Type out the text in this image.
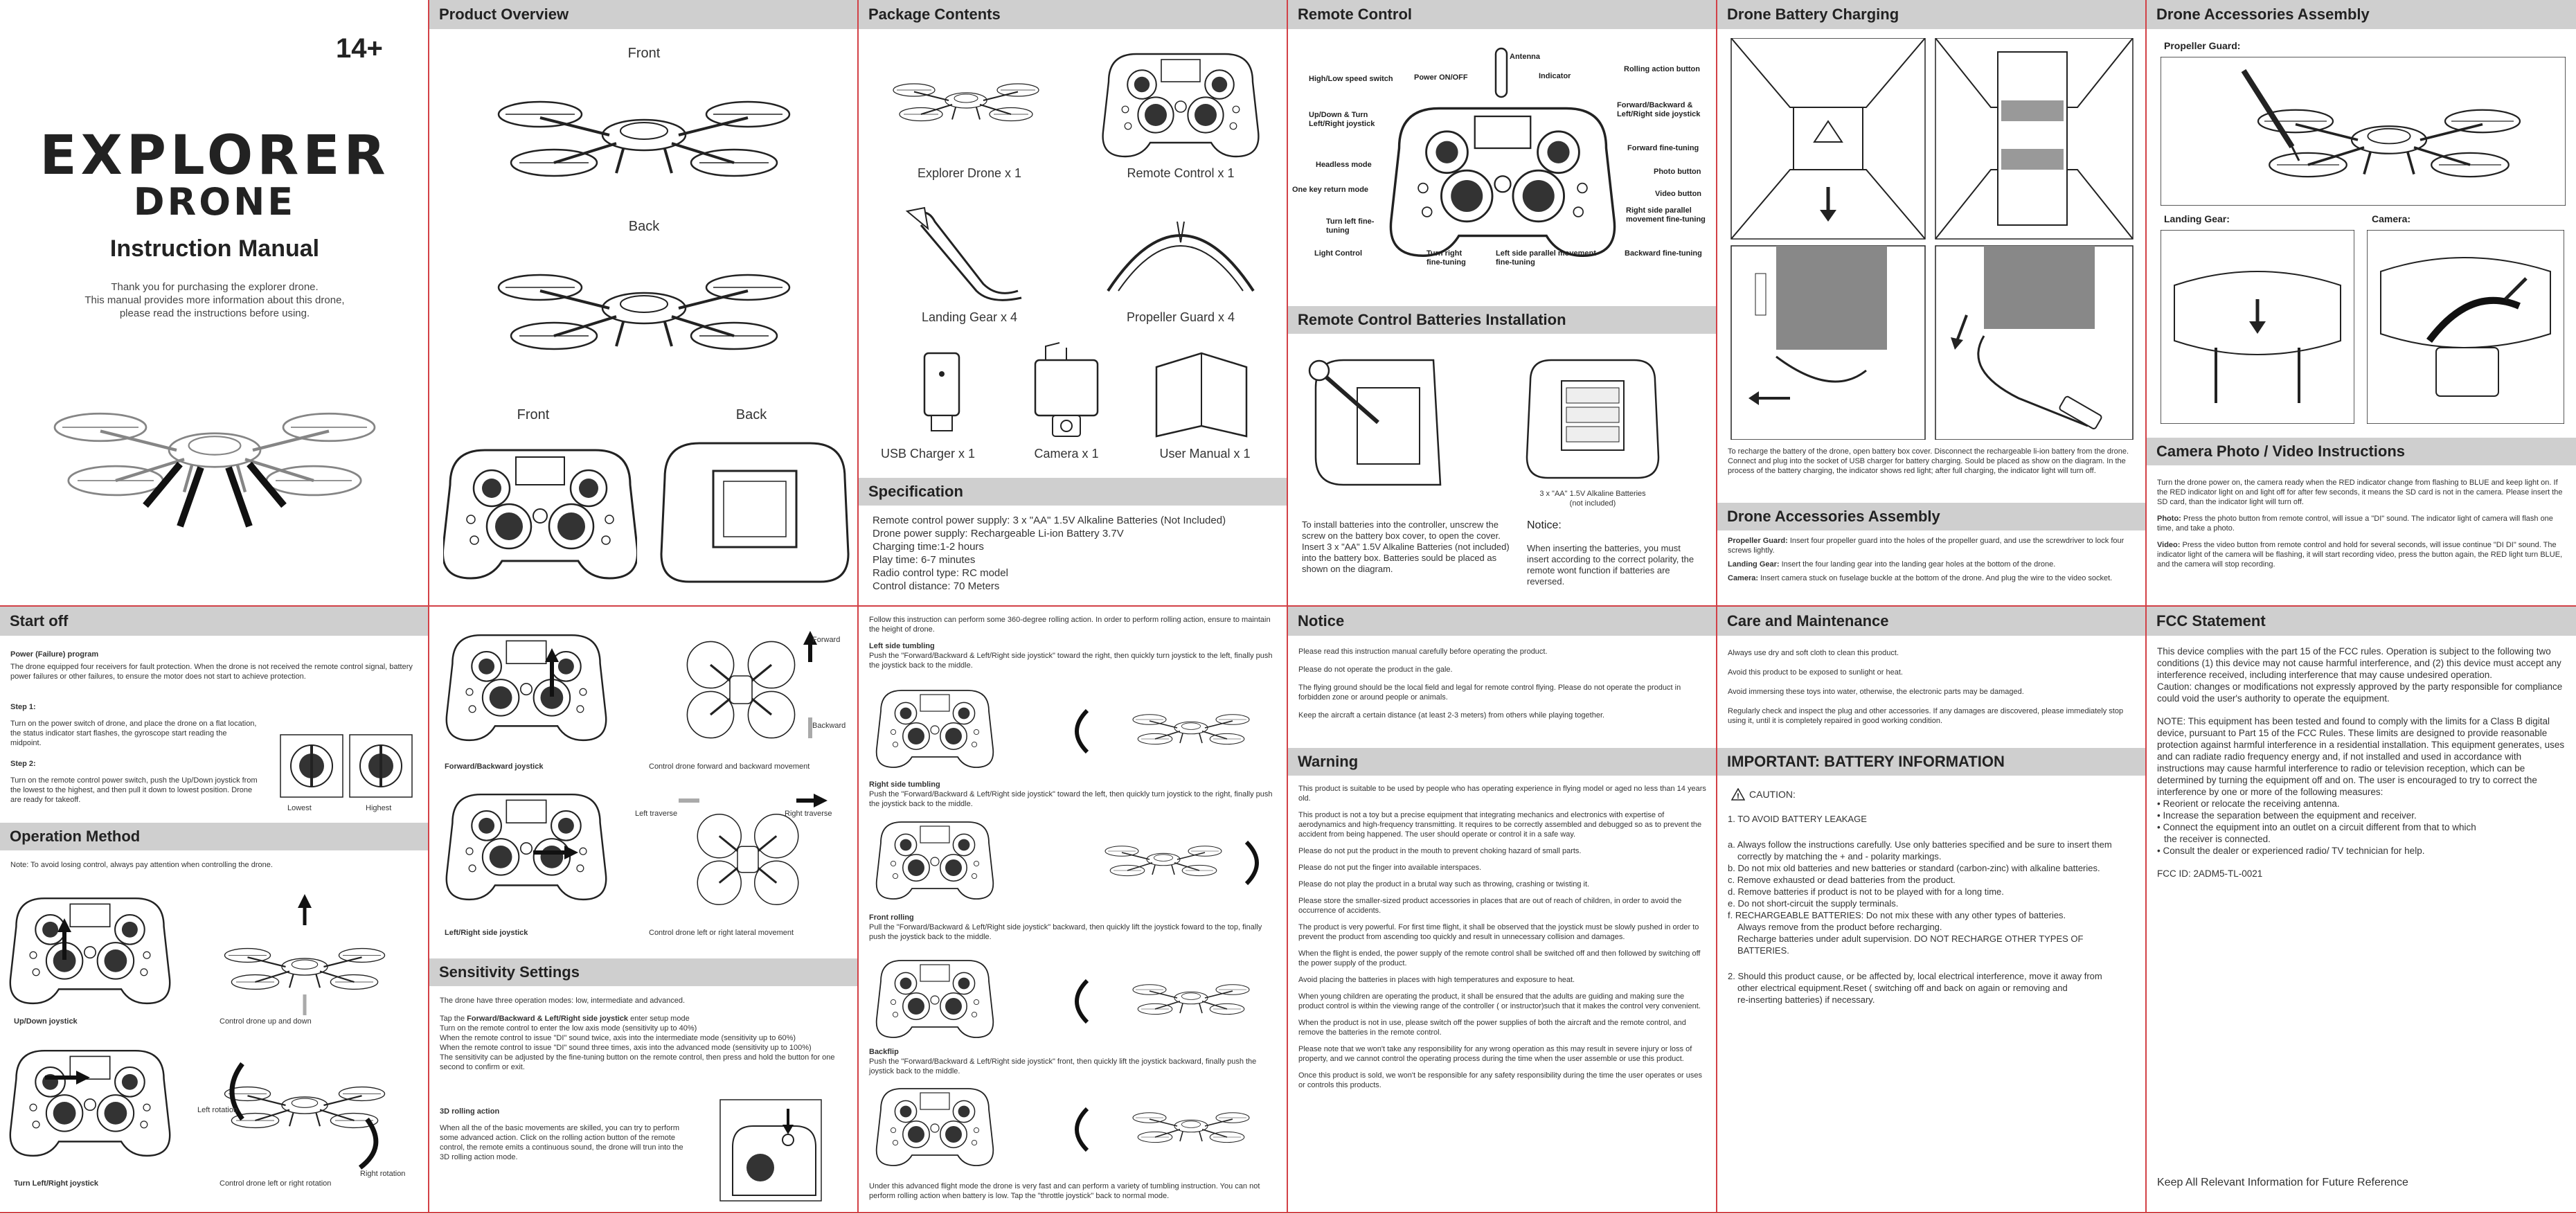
14+
EXPLORER
DRONE
Instruction Manual
Thank you for purchasing the explorer drone.
This manual provides more information about this drone,
please read the instructions before using.
Product Overview
Front
Back
Front	Back
Package Contents
Explorer Drone x 1	Remote Control x 1
Landing Gear x 4	Propeller Guard x 4
USB Charger x 1	Camera x 1	User Manual x 1
Specification
Remote control power supply: 3 x "AA" 1.5V Alkaline Batteries (Not Included)
Drone power supply: Rechargeable Li-ion Battery 3.7V
Charging time:1-2 hours
Play time: 6-7 minutes
Radio control type: RC model
Control distance: 70 Meters
Remote Control
Antenna
Power ON/OFF	Indicator
Rolling action button
High/Low speed switch
Up/Down & Turn Left/Right joystick
Forward/Backward & Left/Right side joystick
Forward fine-tuning
Headless mode
Photo button
One key return mode	Video button
Turn left fine-tuning
Right side parallel movement fine-tuning
Light Control	Turn right fine-tuning
Left side parallel movement fine-tuning
Backward fine-tuning
Remote Control Batteries Installation
3 x "AA" 1.5V Alkaline Batteries
(not included)
To install batteries into the controller, unscrew the screw on the battery box cover, to open the cover. Insert 3 x "AA" 1.5V Alkaline Batteries (not included) into the battery box. Batteries sould be placed as shown on the diagram.
Notice:
When inserting the batteries, you must insert according to the correct polarity, the remote wont function if batteries are reversed.
Drone Battery Charging
To recharge the battery of the drone, open battery box cover. Disconnect the rechargeable li-ion battery from the drone. Connect and plug into the socket of USB charger for battery charging. Sould be placed as show on the diagram. In the process of the battery charging, the indicator shows red light; after full charging, the indicator light will turn off.
Drone Accessories Assembly
Propeller Guard: Insert four propeller guard into the holes of the propeller guard, and use the screwdriver to lock four screws lightly.
Landing Gear: Insert the four landing gear into the landing gear holes at the bottom of the drone.
Camera: Insert camera stuck on fuselage buckle at the bottom of the drone. And plug the wire to the video socket.
Drone Accessories Assembly
Propeller Guard:
Landing Gear:	Camera:
Camera Photo / Video Instructions
Turn the drone power on, the camera ready when the RED indicator change from flashing to BLUE and keep light on. If the RED indicator light on and light off for after few seconds, it means the SD card is not in the camera. Please insert the SD card, than the indicator light will turn off.
Photo: Press the photo button from remote control, will issue a "DI" sound. The indicator light of camera will flash one time, and take a photo.
Video: Press the video button from remote control and hold for several seconds, will issue continue "DI DI" sound. The indicator light of the camera will be flashing, it will start recording video, press the button again, the RED light turn BLUE, and the camera will stop recording.
Start off
Power (Failure) program
The drone equipped four receivers for fault protection. When the drone is not received the remote control signal, battery power failures or other failures, to ensure the motor does not start to achieve protection.
Step 1:
Turn on the power switch of drone, and place the drone on a flat location, the status indicator start flashes, the gyroscope start reading the midpoint.
Step 2:
Turn on the remote control power switch, push the Up/Down joystick from the lowest to the highest, and then pull it down to lowest position. Drone are ready for takeoff.
Lowest	Highest
Operation Method
Note: To avoid losing control, always pay attention when controlling the drone.
Up/Down joystick	Control drone up and down
Left rotation
Right rotation
Turn Left/Right joystick	Control drone left or right rotation
Forward
Backward
Forward/Backward joystick	Control drone forward and backward movement
Left traverse	Right traverse
Left/Right side joystick	Control drone left or right lateral movement
Sensitivity Settings
The drone have three operation modes: low, intermediate and advanced.
Tap the Forward/Backward & Left/Right side joystick enter setup mode
Turn on the remote control to enter the low axis mode (sensitivity up to 40%)
When the remote control to issue "DI" sound twice, axis into the intermediate mode (sensitivity up to 60%)
When the remote control to issue "DI" sound three times, axis into the advanced mode (sensitivity up to 100%)
The sensitivity can be adjusted by the fine-tuning button on the remote control, then press and hold the button for one second to confirm or exit.
3D rolling action
When all the of the basic movements are skilled, you can try to perform some advanced action. Click on the rolling action button of the remote control, the remote emits a continuous sound, the drone will trun into the 3D rolling action mode.
Follow this instruction can perform some 360-degree rolling action. In order to perform rolling action, ensure to maintain the height of drone.
Left side tumbling
Push the "Forward/Backward & Left/Right side joystick" toward the right, then quickly turn joystick to the left, finally push the joystick back to the middle.
Right side tumbling
Push the "Forward/Backward & Left/Right side joystick" toward the left, then quickly turn joystick to the right, finally push the joystick back to the middle.
Front rolling
Pull the "Forward/Backward & Left/Right side joystick" backward, then quickly lift the joystick foward to the top, finally push the joystick back to the middle.
Backflip
Push the "Forward/Backward & Left/Right side joystick" front, then quickly lift the joystick backward, finally push the joystick back to the middle.
Under this advanced flight mode the drone is very fast and can perform a variety of tumbling instruction. You can not perform rolling action when battery is low. Tap the "throttle joystick" back to normal mode.
Notice
Please read this instruction manual carefully before operating the product.
Please do not operate the product in the gale.
The flying ground should be the local field and legal for remote control flying. Please do not operate the product in forbidden zone or around people or animals.
Keep the aircraft a certain distance (at least 2-3 meters) from others while playing together.
Warning
This product is suitable to be used by people who has operating experience in flying model or aged no less than 14 years old.
This product is not a toy but a precise equipment that integrating mechanics and electronics with expertise of aerodynamics and high-frequency transmitting. It requires to be correctly assembled and debugged so as to prevent the accident from being happened. The user should operate or control it in a safe way.
Please do not put the product in the mouth to prevent choking hazard of small parts.
Please do not put the finger into available interspaces.
Please do not play the product in a brutal way such as throwing, crashing or twisting it.
Please store the smaller-sized product accessories in places that are out of reach of children, in order to avoid the occurrence of accidents.
The product is very powerful. For first time flight, it shall be observed that the joystick must be slowly pushed in order to prevent the product from ascending too quickly and result in unnecessary collision and damages.
When the flight is ended, the power supply of the remote control shall be switched off and then followed by switching off the power supply of the product.
Avoid placing the batteries in places with high temperatures and exposure to heat.
When young children are operating the product, it shall be ensured that the adults are guiding and making sure the product control is within the viewing range of the controller ( or instructor)such that it makes the control very convenient.
When the product is not in use, please switch off the power supplies of both the aircraft and the remote control, and remove the batteries in the remote control.
Please note that we won't take any responsibility for any wrong operation as this may result in severe injury or loss of property, and we cannot control the operating process during the time when the user assemble or use this product.
Once this product is sold, we won't be responsible for any safety responsibility during the time the user operates or uses or controls this products.
Care and Maintenance
Always use dry and soft cloth to clean this product.
Avoid this product to be exposed to sunlight or heat.
Avoid immersing these toys into water, otherwise, the electronic parts may be damaged.
Regularly check and inspect the plug and other accessories. If any damages are discovered, please immediately stop using it, until it is completely repaired in good working condition.
IMPORTANT: BATTERY INFORMATION
! CAUTION:
1. TO AVOID BATTERY LEAKAGE
a. Always follow the instructions carefully. Use only batteries specified and be sure to insert them
correctly by matching the + and - polarity markings.
b. Do not mix old batteries and new batteries or standard (carbon-zinc) with alkaline batteries.
c. Remove exhausted or dead batteries from the product.
d. Remove batteries if product is not to be played with for a long time.
e. Do not short-circuit the supply terminals.
f. RECHARGEABLE BATTERIES: Do not mix these with any other types of batteries.
Always remove from the product before recharging.
Recharge batteries under adult supervision. DO NOT RECHARGE OTHER TYPES OF BATTERIES.
2. Should this product cause, or be affected by, local electrical interference, move it away from
other electrical equipment.Reset ( switching off and back on again or removing and
re-inserting batteries) if necessary.
FCC Statement
This device complies with the part 15 of the FCC rules. Operation is subject to the following two conditions (1) this device may not cause harmful interference, and (2) this device must accept any interference received, including interference that may cause undesired operation.
Caution: changes or modifications not expressly approved by the party responsible for compliance could void the user's authority to operate the equipment.
NOTE: This equipment has been tested and found to comply with the limits for a Class B digital device, pursuant to Part 15 of the FCC Rules. These limits are designed to provide reasonable protection against harmful interference in a residential installation. This equipment generates, uses and can radiate radio frequency energy and, if not installed and used in accordance with instructions may cause harmful interference to radio or television reception, which can be determined by turning the equipment off and on. The user is encouraged to try to correct the interference by one or more of the following measures:
• Reorient or relocate the receiving antenna.
• Increase the separation between the equipment and receiver.
• Connect the equipment into an outlet on a circuit different from that to which
the receiver is connected.
• Consult the dealer or experienced radio/ TV technician for help.
FCC ID: 2ADM5-TL-0021
Keep All Relevant Information for Future Reference
